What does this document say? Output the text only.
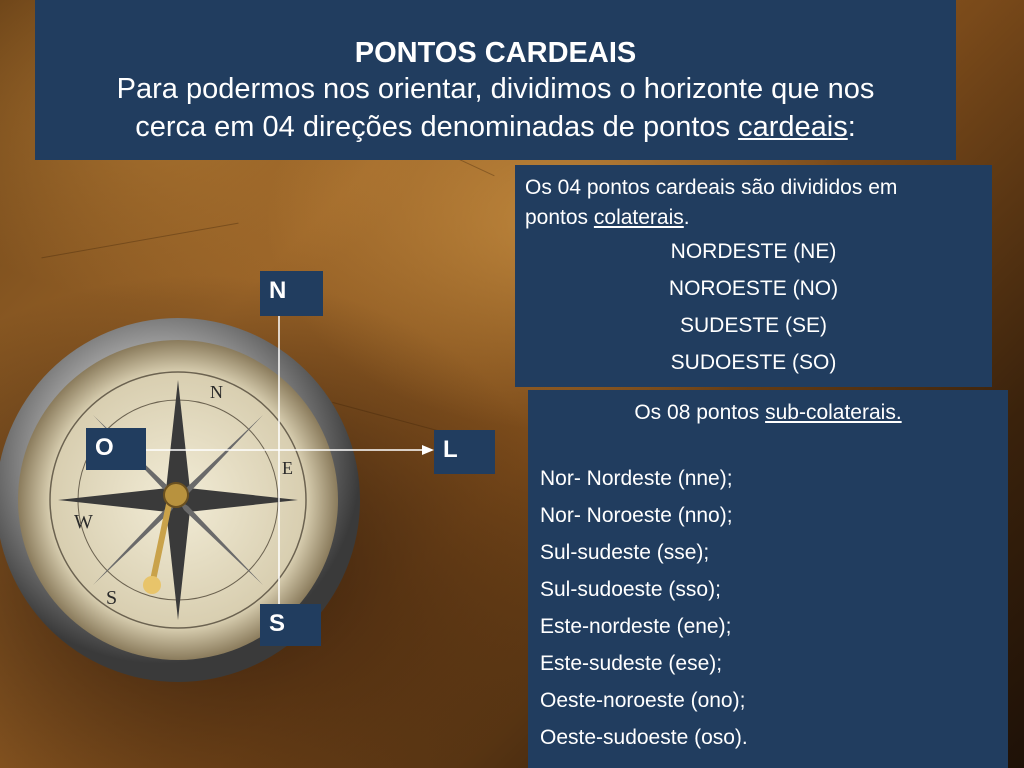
W
S
E
N
PONTOS CARDEAIS
Para podermos nos orientar, dividimos o horizonte que nos
cerca em 04 direções denominadas de pontos cardeais:
Os 04 pontos cardeais são divididos em
pontos colaterais.
NORDESTE (NE)
NOROESTE (NO)
SUDESTE (SE)
SUDOESTE (SO)
Os 08 pontos sub-colaterais.
Nor- Nordeste (nne);
Nor- Noroeste (nno);
Sul-sudeste (sse);
Sul-sudoeste (sso);
Este-nordeste (ene);
Este-sudeste (ese);
Oeste-noroeste (ono);
Oeste-sudoeste (oso).
N
S
O	L
